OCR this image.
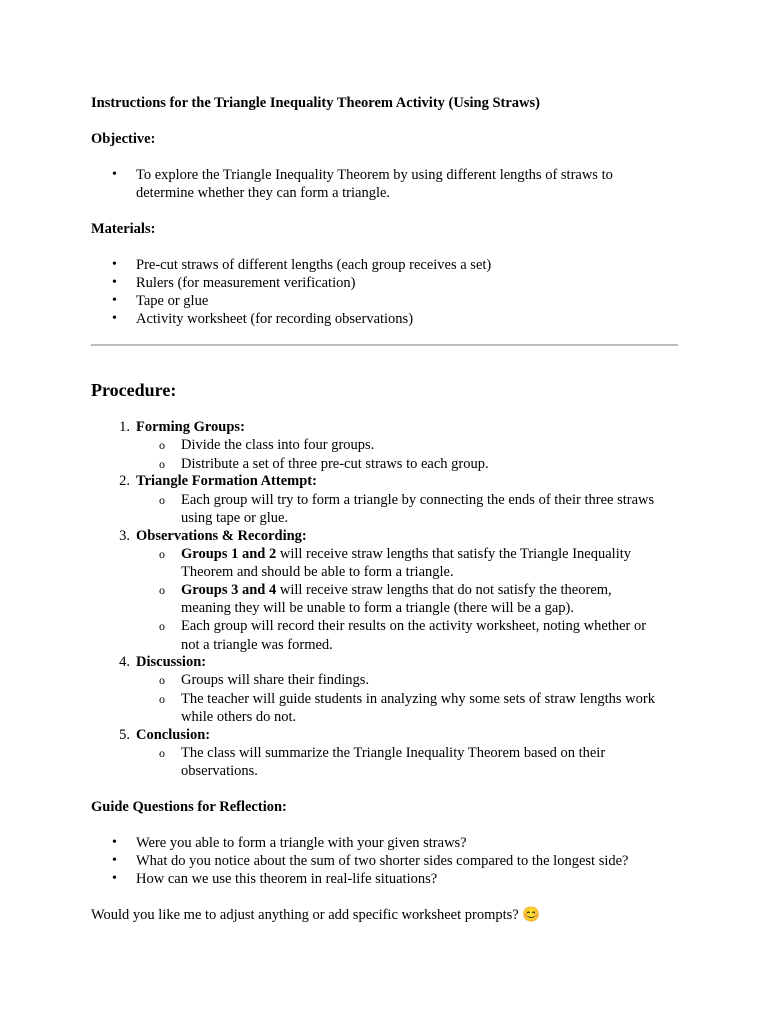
Instructions for the Triangle Inequality Theorem Activity (Using Straws)
Objective:
• To explore the Triangle Inequality Theorem by using different lengths of straws to
determine whether they can form a triangle.
Materials:
• Pre-cut straws of different lengths (each group receives a set)
• Rulers (for measurement verification)
• Tape or glue
• Activity worksheet (for recording observations)
Procedure:
1. Forming Groups:
o Divide the class into four groups.
o Distribute a set of three pre-cut straws to each group.
2. Triangle Formation Attempt:
o Each group will try to form a triangle by connecting the ends of their three straws
using tape or glue.
3. Observations & Recording:
o Groups 1 and 2 will receive straw lengths that satisfy the Triangle Inequality
Theorem and should be able to form a triangle.
o Groups 3 and 4 will receive straw lengths that do not satisfy the theorem,
meaning they will be unable to form a triangle (there will be a gap).
o Each group will record their results on the activity worksheet, noting whether or
not a triangle was formed.
4. Discussion:
o Groups will share their findings.
o The teacher will guide students in analyzing why some sets of straw lengths work
while others do not.
5. Conclusion:
o The class will summarize the Triangle Inequality Theorem based on their
observations.
Guide Questions for Reflection:
• Were you able to form a triangle with your given straws?
• What do you notice about the sum of two shorter sides compared to the longest side?
• How can we use this theorem in real-life situations?
Would you like me to adjust anything or add specific worksheet prompts? 😊
